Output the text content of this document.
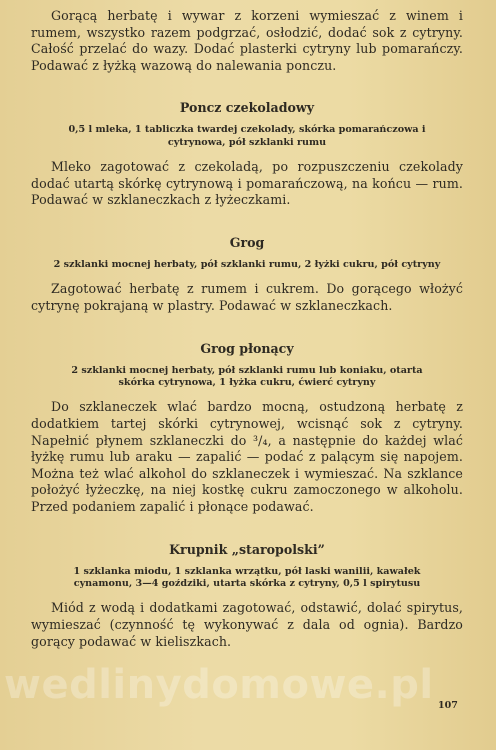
Gorącą herbatę i wywar z korzeni wymieszać z winem i rumem, wszystko razem podgrzać, osłodzić, dodać sok z cytryny. Całość przelać do wazy. Dodać plasterki cytryny lub pomarańczy. Podawać z łyżką wazową do nalewania ponczu.

Poncz czekoladowy

0,5 l mleka, 1 tabliczka twardej czekolady, skórka pomarańczowa i cytrynowa, pół szklanki rumu

Mleko zagotować z czekoladą, po rozpuszczeniu czekolady dodać utartą skórkę cytrynową i pomarańczową, na końcu — rum. Podawać w szklaneczkach z łyżeczkami.

Grog

2 szklanki mocnej herbaty, pół szklanki rumu, 2 łyżki cukru, pół cytryny

Zagotować herbatę z rumem i cukrem. Do gorącego włożyć cytrynę pokrajaną w plastry. Podawać w szklaneczkach.

Grog płonący

2 szklanki mocnej herbaty, pół szklanki rumu lub koniaku, otarta skórka cytrynowa, 1 łyżka cukru, ćwierć cytryny

Do szklaneczek wlać bardzo mocną, ostudzoną herbatę z dodatkiem tartej skórki cytrynowej, wcisnąć sok z cytryny. Napełnić płynem szklaneczki do ³/₄, a następnie do każdej wlać łyżkę rumu lub araku — zapalić — podać z palącym się napojem. Można też wlać alkohol do szklaneczek i wymieszać. Na szklance położyć łyżeczkę, na niej kostkę cukru zamoczonego w alkoholu. Przed podaniem zapalić i płonące podawać.

Krupnik „staropolski”

1 szklanka miodu, 1 szklanka wrzątku, pół laski wanilii, kawałek cynamonu, 3—4 goździki, utarta skórka z cytryny, 0,5 l spirytusu

Miód z wodą i dodatkami zagotować, odstawić, dolać spirytus, wymieszać (czynność tę wykonywać z dala od ognia). Bardzo gorący podawać w kieliszkach.

wedlinydomowe.pl 107
